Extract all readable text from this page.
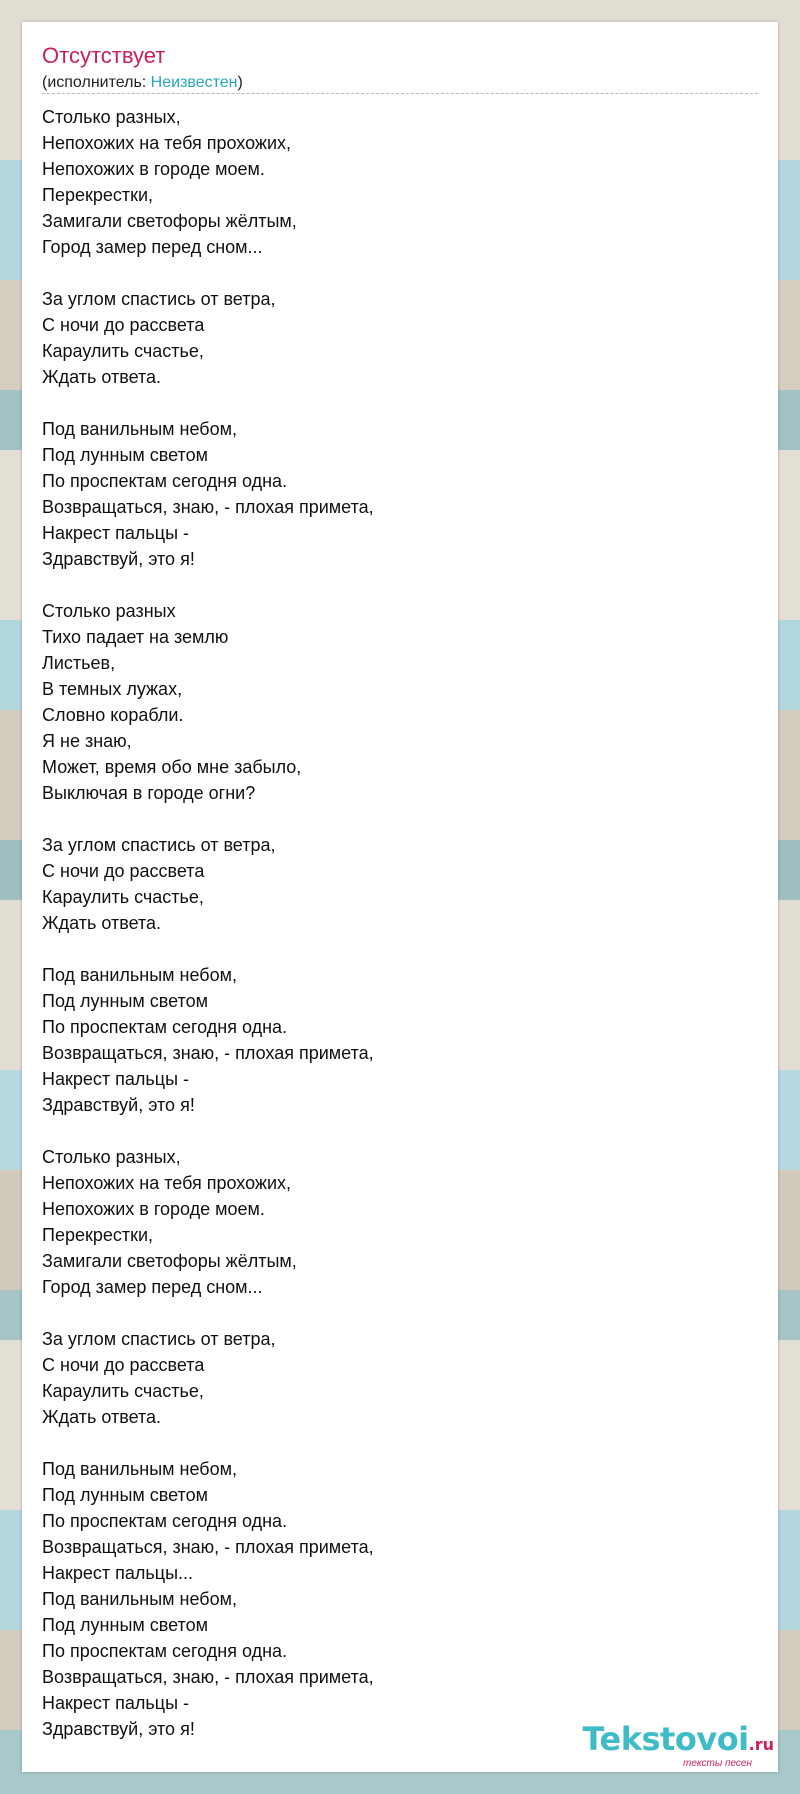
Отсутствует
(исполнитель: Неизвестен)
Столько разных,
Непохожих на тебя прохожих,
Непохожих в городе моем.
Перекрестки,
Замигали светофоры жёлтым,
Город замер перед сном...
За углом спастись от ветра,
С ночи до рассвета
Караулить счастье,
Ждать ответа.
Под ванильным небом,
Под лунным светом
По проспектам сегодня одна.
Возвращаться, знаю, - плохая примета,
Накрест пальцы -
Здравствуй, это я!
Столько разных
Тихо падает на землю
Листьев,
В темных лужах,
Словно корабли.
Я не знаю,
Может, время обо мне забыло,
Выключая в городе огни?
За углом спастись от ветра,
С ночи до рассвета
Караулить счастье,
Ждать ответа.
Под ванильным небом,
Под лунным светом
По проспектам сегодня одна.
Возвращаться, знаю, - плохая примета,
Накрест пальцы -
Здравствуй, это я!
Столько разных,
Непохожих на тебя прохожих,
Непохожих в городе моем.
Перекрестки,
Замигали светофоры жёлтым,
Город замер перед сном...
За углом спастись от ветра,
С ночи до рассвета
Караулить счастье,
Ждать ответа.
Под ванильным небом,
Под лунным светом
По проспектам сегодня одна.
Возвращаться, знаю, - плохая примета,
Накрест пальцы...
Под ванильным небом,
Под лунным светом
По проспектам сегодня одна.
Возвращаться, знаю, - плохая примета,
Накрест пальцы -
Здравствуй, это я!	Tekstovoi.ru
тексты песен
